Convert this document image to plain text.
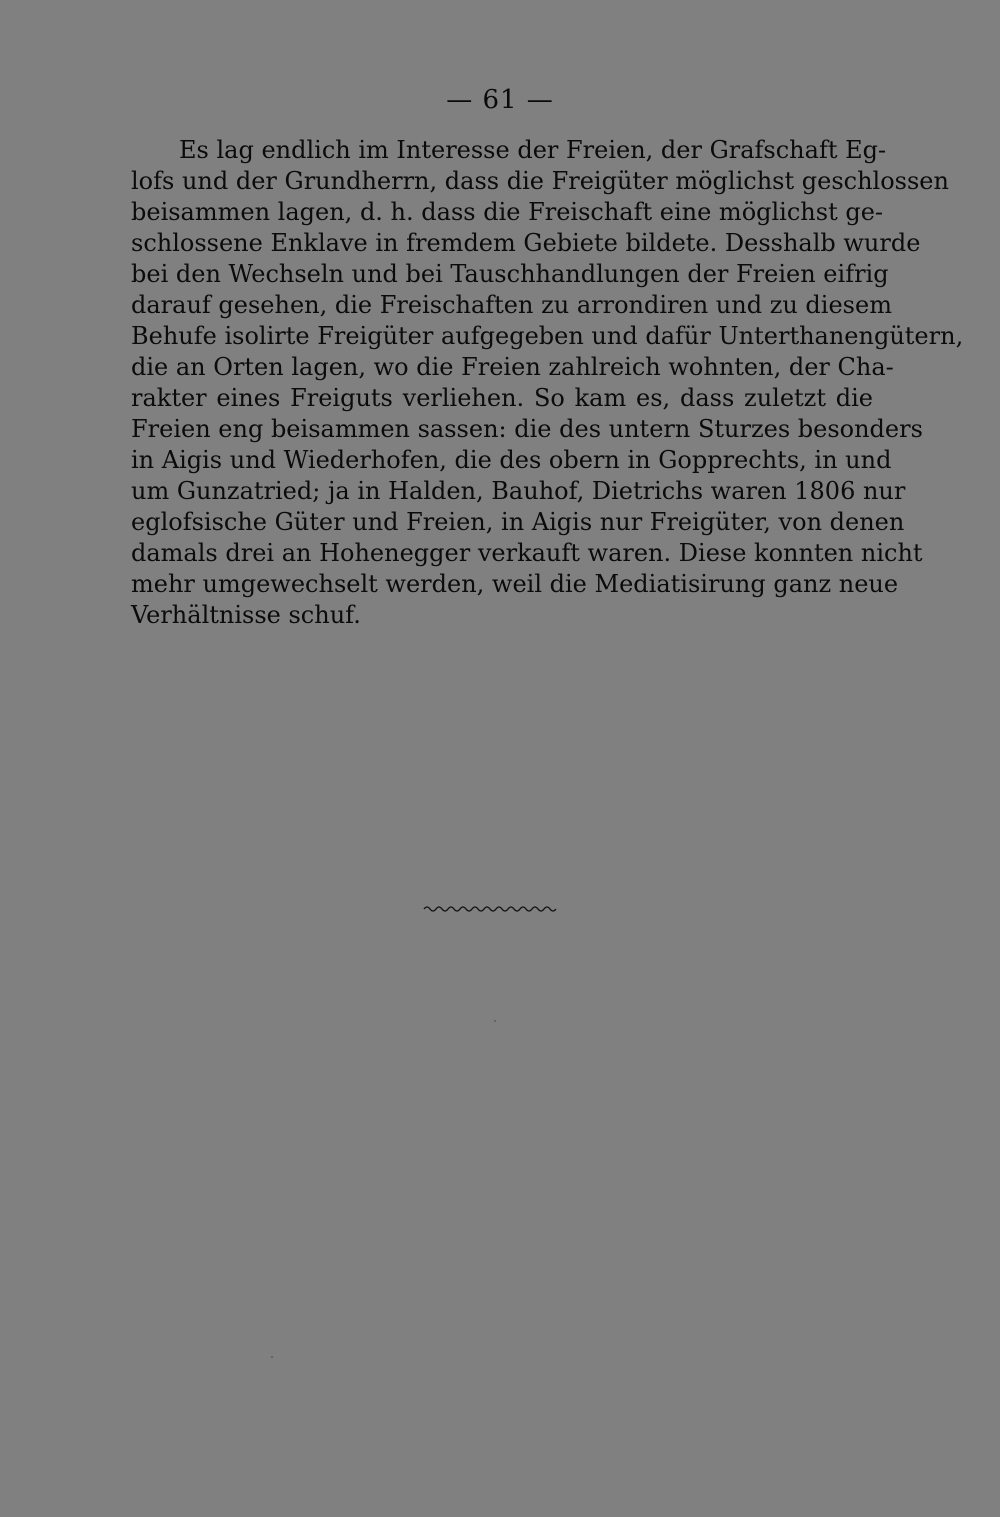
— 61 —
Es lag endlich im Interesse der Freien, der Grafschaft Eg-
lofs und der Grundherrn, dass die Freigüter möglichst geschlossen
beisammen lagen, d. h. dass die Freischaft eine möglichst ge-
schlossene Enklave in fremdem Gebiete bildete. Desshalb wurde
bei den Wechseln und bei Tauschhandlungen der Freien eifrig
darauf gesehen, die Freischaften zu arrondiren und zu diesem
Behufe isolirte Freigüter aufgegeben und dafür Unterthanengütern,
die an Orten lagen, wo die Freien zahlreich wohnten, der Cha-
rakter eines Freiguts verliehen. So kam es, dass zuletzt die
Freien eng beisammen sassen: die des untern Sturzes besonders
in Aigis und Wiederhofen, die des obern in Gopprechts, in und
um Gunzatried; ja in Halden, Bauhof, Dietrichs waren 1806 nur
eglofsische Güter und Freien, in Aigis nur Freigüter, von denen
damals drei an Hohenegger verkauft waren. Diese konnten nicht
mehr umgewechselt werden, weil die Mediatisirung ganz neue
Verhältnisse schuf.
